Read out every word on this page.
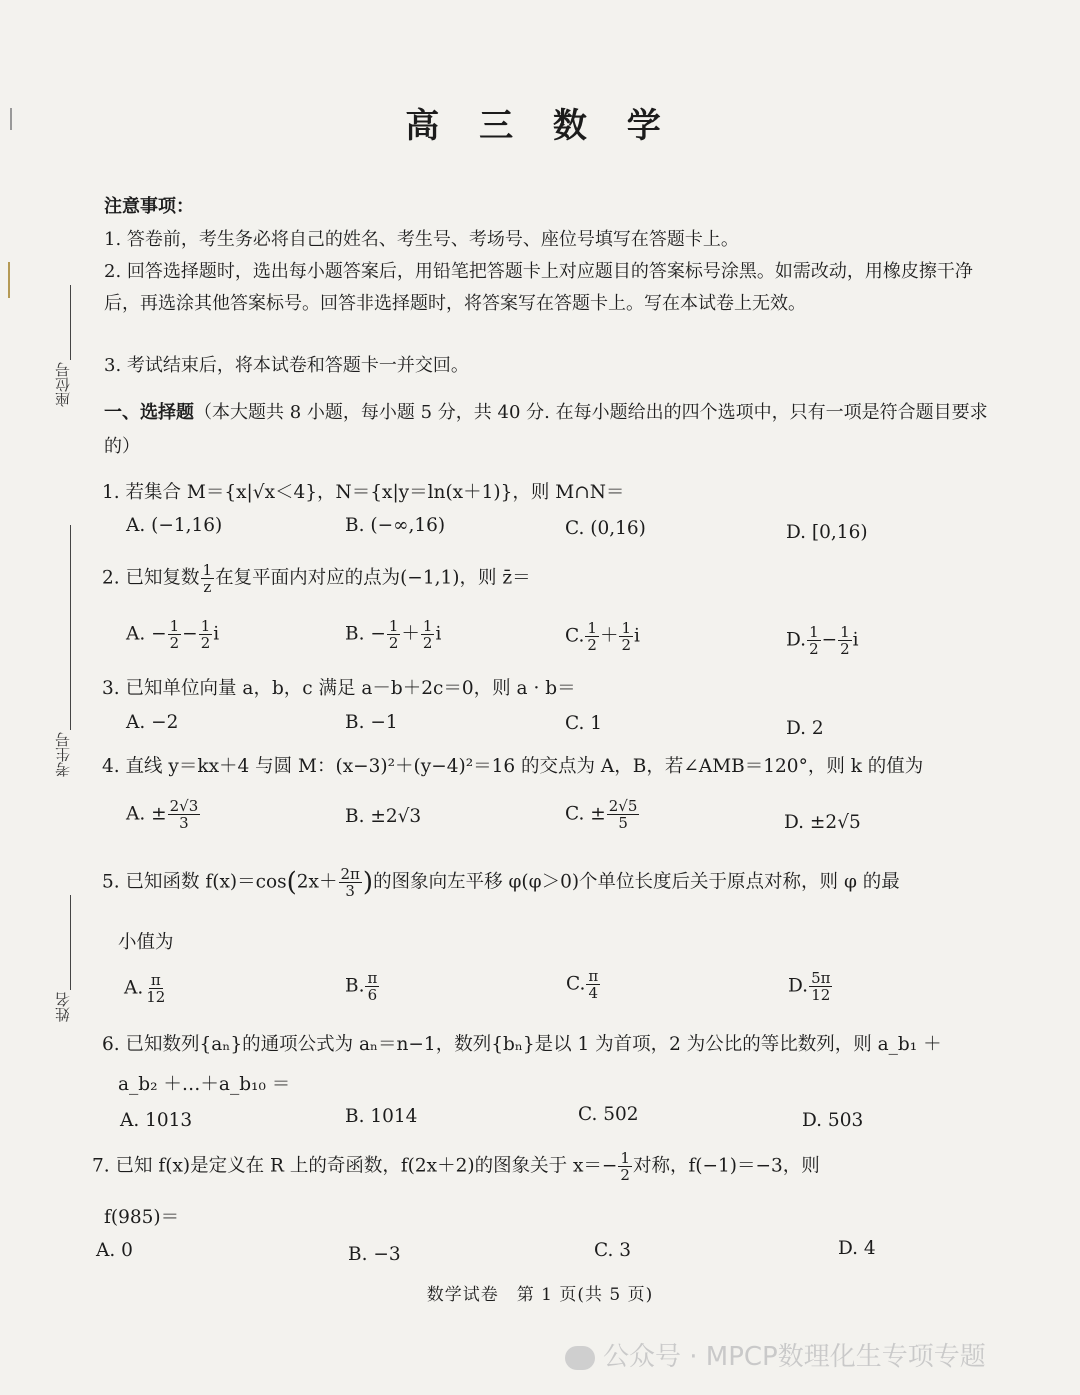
座位号
考生号
姓名
高 三 数 学
注意事项：
1. 答卷前，考生务必将自己的姓名、考生号、考场号、座位号填写在答题卡上。
2. 回答选择题时，选出每小题答案后，用铅笔把答题卡上对应题目的答案标号涂黑。如需改动，用橡皮擦干净后，再选涂其他答案标号。回答非选择题时，将答案写在答题卡上。写在本试卷上无效。
3. 考试结束后，将本试卷和答题卡一并交回。
一、选择题（本大题共 8 小题，每小题 5 分，共 40 分. 在每小题给出的四个选项中，只有一项是符合题目要求的）
1. 若集合 M＝{x|√x＜4}，N＝{x|y＝ln(x＋1)}，则 M∩N＝
A. (−1,16)	B. (−∞,16)	C. (0,16)	D. [0,16)
2. 已知复数 $\frac{1}{z}$ 在复平面内对应的点为(−1,1)，则 z̄＝
A. − $\frac{1}{2} - \frac{1}{2}$ i	B. − $\frac{1}{2} + \frac{1}{2}$ i	C. $\frac{1}{2} + \frac{1}{2}$ i	D. $\frac{1}{2} - \frac{1}{2}$ i
3. 已知单位向量 a，b，c 满足 a－b＋2c＝0，则 a · b＝
A. −2	B. −1	C. 1	D. 2
4. 直线 y＝kx＋4 与圆 M：(x−3)²＋(y−4)²＝16 的交点为 A，B，若∠AMB＝120°，则 k 的值为
A. ± $\frac{2√3}{3}$	B. ±2√3	C. ± $\frac{2√5}{5}$	D. ±2√5
5. 已知函数 $f(x)=\cos(2x+ \frac{2\pi}{3}$ )的图象向左平移 φ(φ＞0)个单位长度后关于原点对称，则 φ 的最
小值为
A. $\frac{\pi}{12}$	B. $\frac{\pi}{6}$	C. $\frac{\pi}{4}$	D. $\frac{5\pi}{12}$
6. 已知数列{aₙ}的通项公式为 aₙ＝n−1，数列{bₙ}是以 1 为首项，2 为公比的等比数列，则 a_b₁ ＋
a_b₂ ＋…＋a_b₁₀ ＝
A. 1013	B. 1014	C. 502	D. 503
7. 已知 f(x)是定义在 R 上的奇函数，f(2x＋2)的图象关于 $x=- \frac{1}{2}$ 对称，f(−1)＝−3，则
f(985)＝
A. 0	B. −3	C. 3	D. 4
数学试卷　第 1 页(共 5 页)
公众号 · MPCP数理化生专项专题
